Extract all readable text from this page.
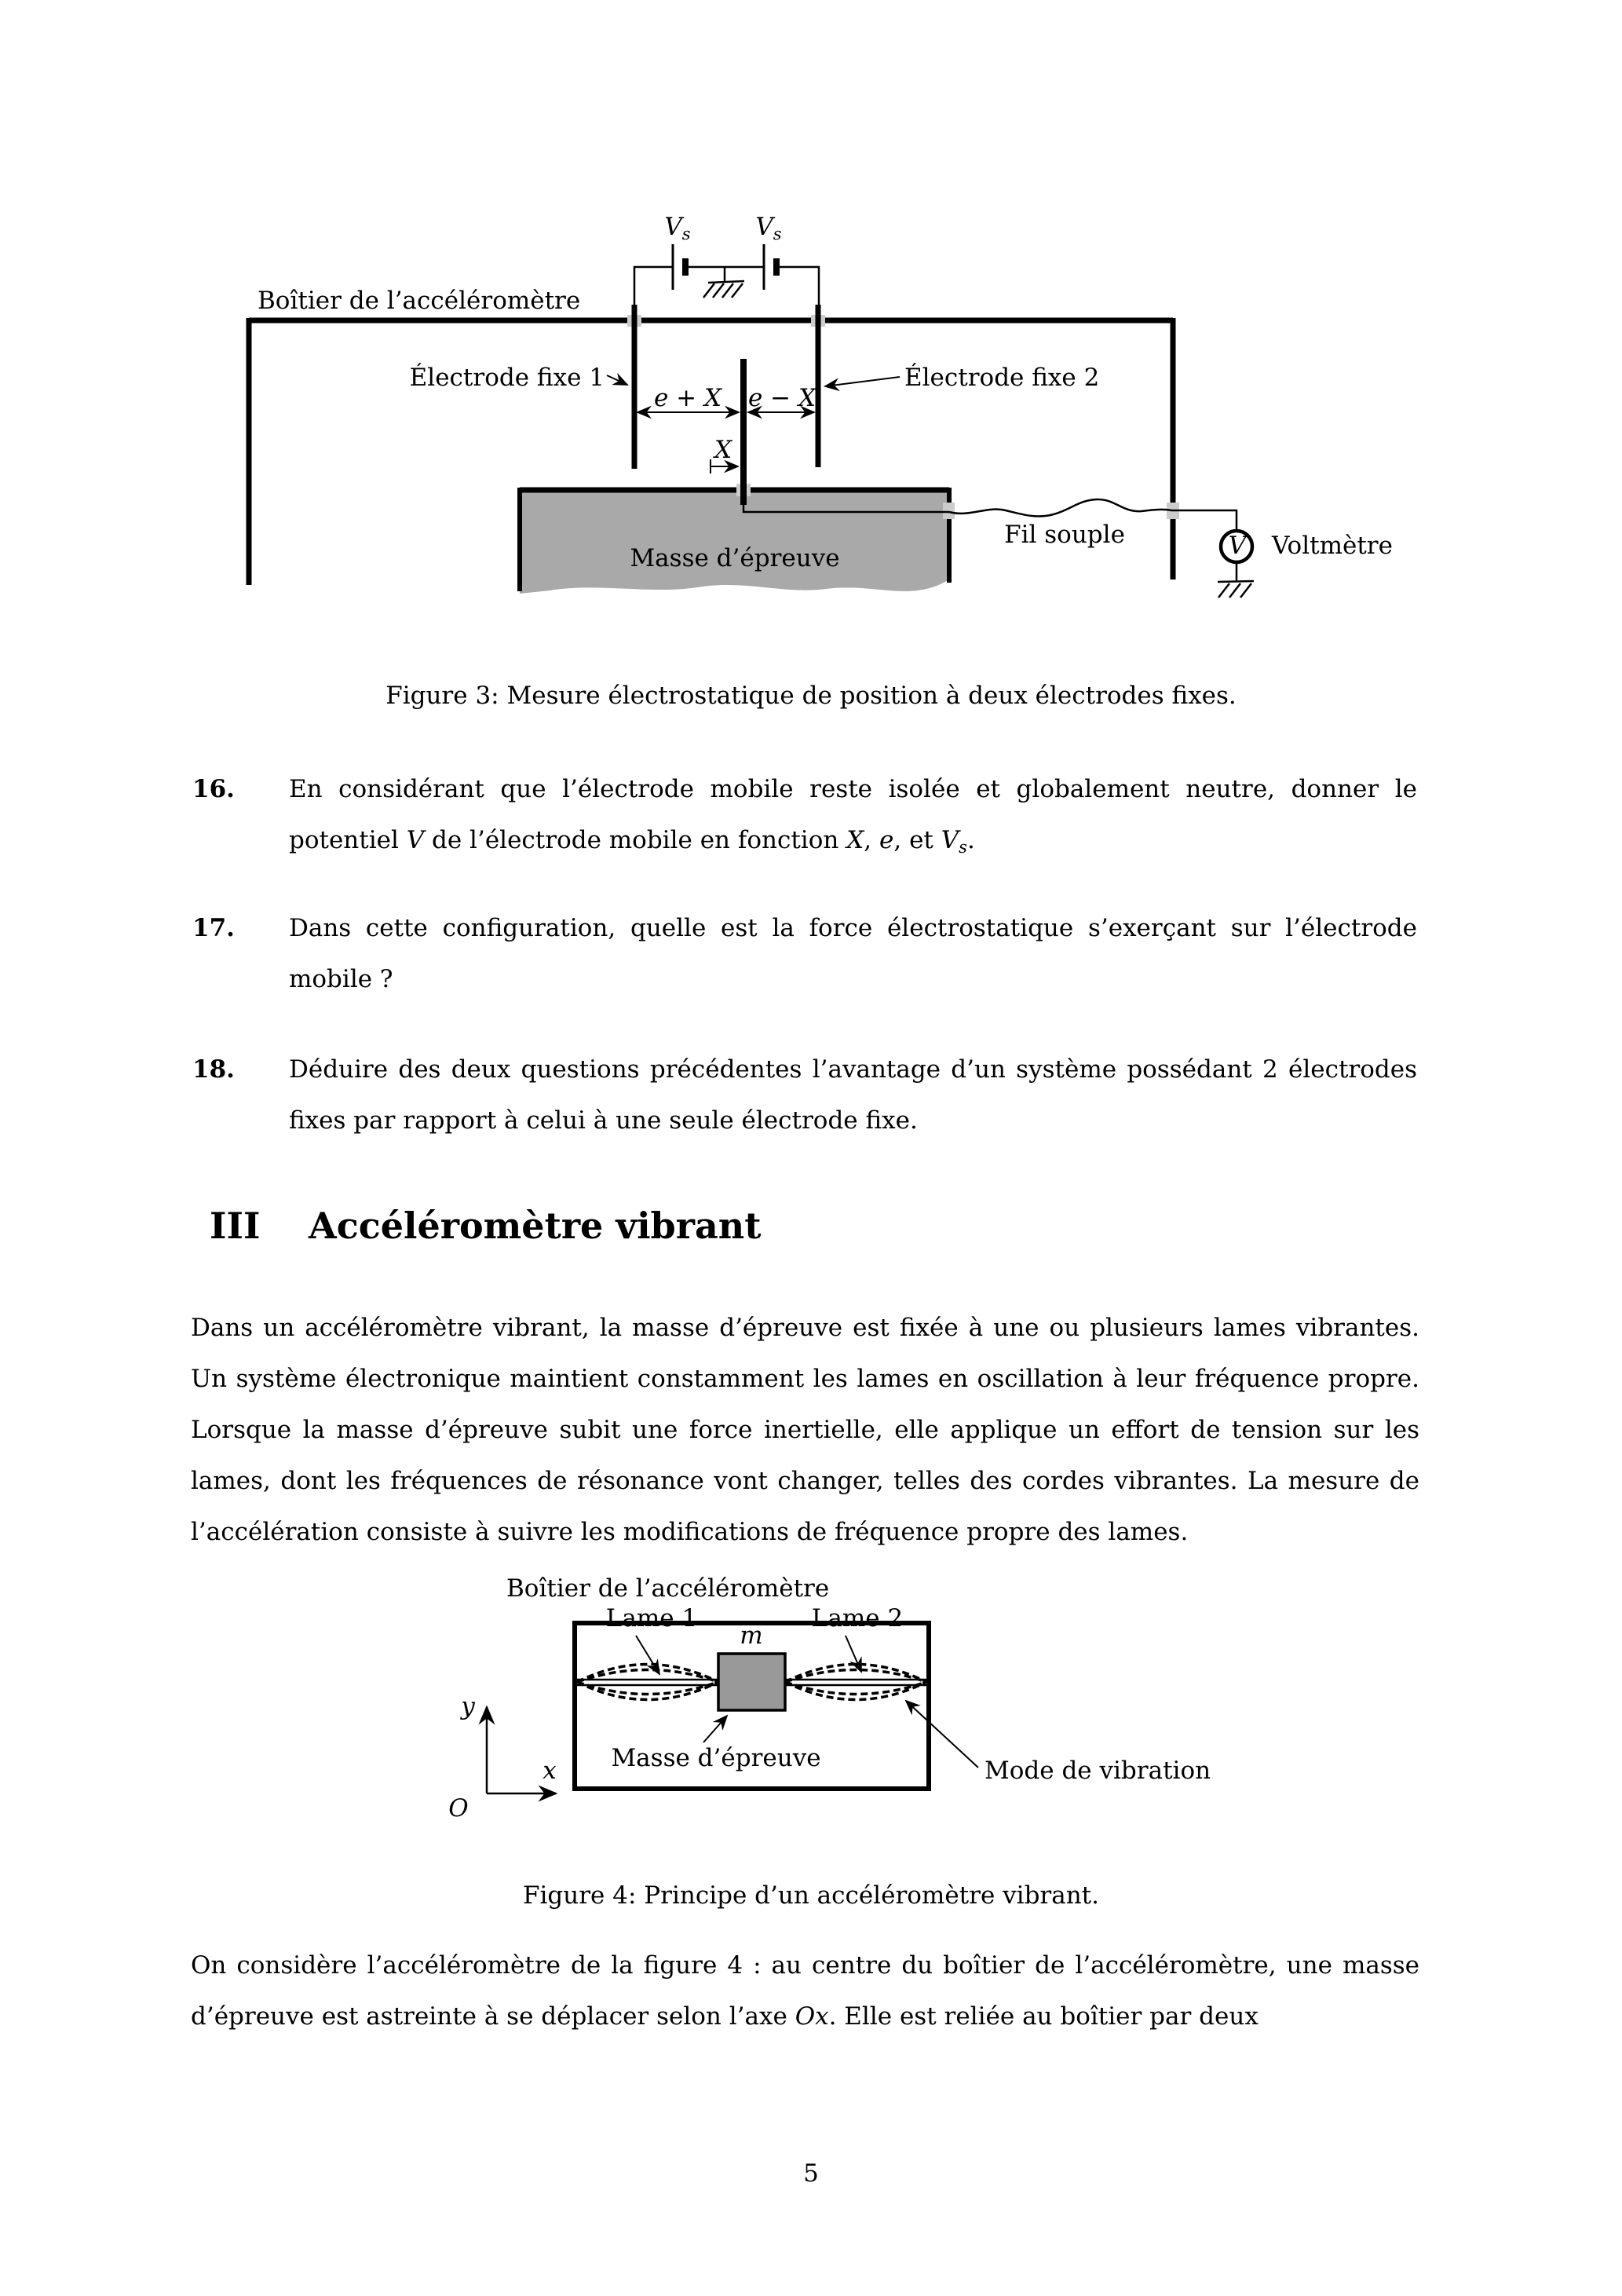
Boîtier de l’accéléromètre
$V_s$	$V_s$
Électrode fixe 1	Électrode fixe 2
e + X e − X
X
Masse d’épreuve
Fil souple	V Voltmètre
Figure 3: Mesure électrostatique de position à deux électrodes fixes.
16. En considérant que l’électrode mobile reste isolée et globalement neutre, donner le potentiel V de l’électrode mobile en fonction X, e, et $V_s$.
17. Dans cette configuration, quelle est la force électrostatique s’exerçant sur l’électrode mobile ?
18. Déduire des deux questions précédentes l’avantage d’un système possédant 2 électrodes fixes par rapport à celui à une seule électrode fixe.
III Accéléromètre vibrant
Dans un accéléromètre vibrant, la masse d’épreuve est fixée à une ou plusieurs lames vibrantes. Un système électronique maintient constamment les lames en oscillation à leur fréquence propre. Lorsque la masse d’épreuve subit une force inertielle, elle applique un effort de tension sur les lames, dont les fréquences de résonance vont changer, telles des cordes vibrantes. La mesure de l’accélération consiste à suivre les modifications de fréquence propre des lames.
Boîtier de l’accéléromètre
Lame 1	Lame 2
m
Masse d’épreuve	Mode de vibration
y
x
O
Figure 4: Principe d’un accéléromètre vibrant.
On considère l’accéléromètre de la figure 4 : au centre du boîtier de l’accéléromètre, une masse d’épreuve est astreinte à se déplacer selon l’axe Ox. Elle est reliée au boîtier par deux
5
